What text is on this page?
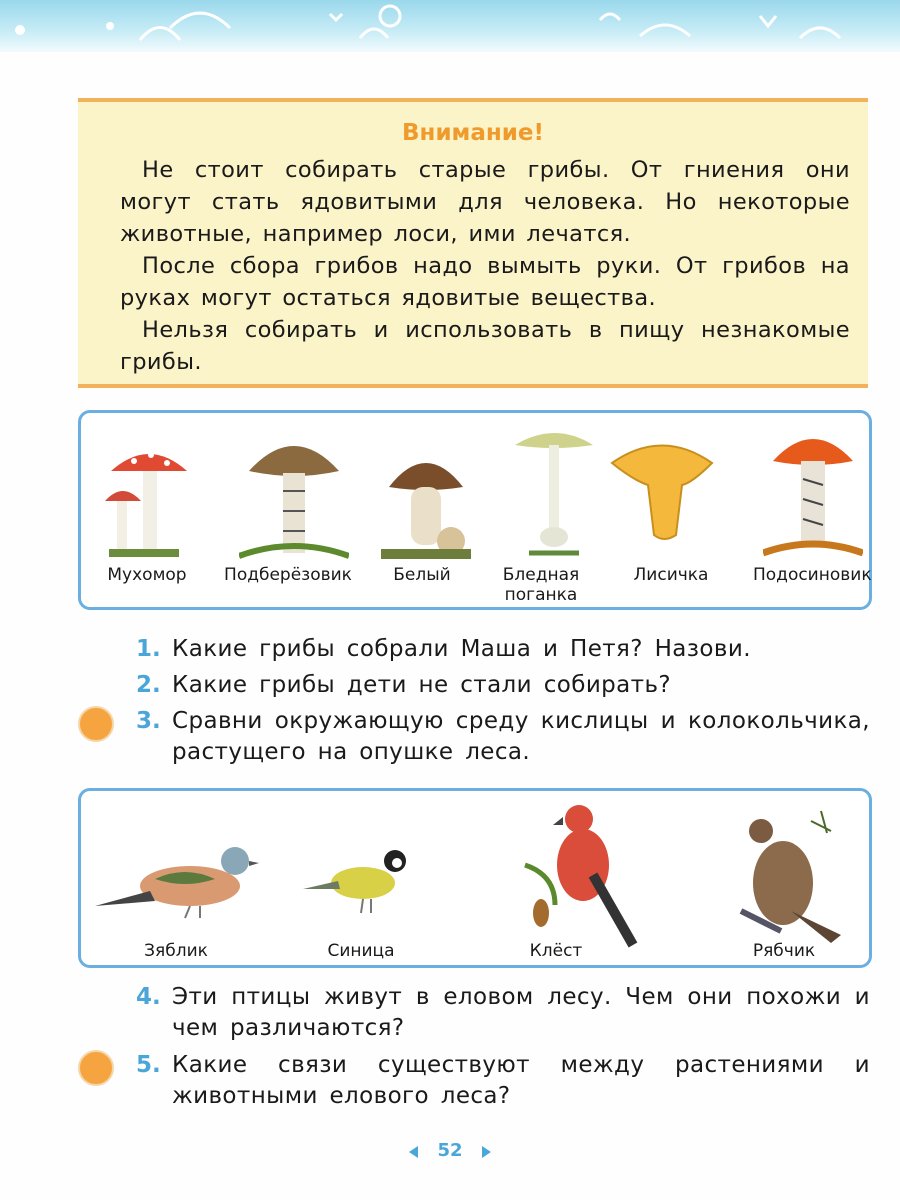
Внимание!

Не стоит собирать старые грибы. От гниения они могут стать ядовитыми для человека. Но некоторые животные, например лоси, ими лечатся.

После сбора грибов надо вымыть руки. От грибов на руках могут остаться ядовитые вещества.

Нельзя собирать и использовать в пищу незнакомые грибы.

Мухомор	Подберёзовик	Белый	Бледная поганка
Лисичка	Подосиновик
1. Какие грибы собрали Маша и Петя? Назови.

2. Какие грибы дети не стали собирать?

3. Сравни окружающую среду кислицы и колокольчика, растущего на опушке леса.

Зяблик	Синица	Клёст	Рябчик
4. Эти птицы живут в еловом лесу. Чем они похожи и чем различаются?

5. Какие связи существуют между растениями и животными елового леса?

52
